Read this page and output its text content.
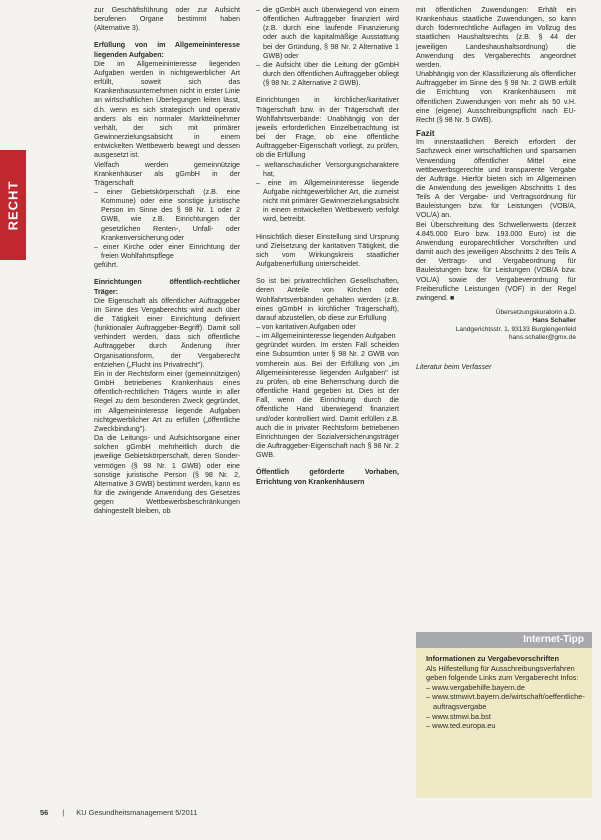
RECHT

zur Geschäftsführung oder zur Aufsicht berufenen Organe bestimmt haben (Alternative 3).

Erfüllung von im Allgemeininteresse liegenden Aufgaben:

Die im Allgemeininteresse liegenden Aufgaben werden in nichtgewerblicher Art erfüllt, soweit sich das Krankenhausunternehmen nicht in erster Linie an wirtschaftlichen Überlegungen leiten lässt, d.h. wenn es sich strategisch und operativ anders als ein normaler Marktteilnehmer verhält, der sich mit primärer Gewinnerzielungsabsicht in einem entwickelten Wettbewerb bewegt und dessen ausgesetzt ist.

Vielfach werden gemeinnützige Krankenhäuser als gGmbH in der Trägerschaft

– einer Gebietskörperschaft (z.B. eine Kommune) oder eine sonstige juristische Person im Sinne des § 98 Nr. 1 oder 2 GWB, wie z.B. Einrichtungen der gesetzlichen Renten-, Unfall- oder Krankenversicherung oder
– einer Kirche oder einer Einrichtung der freien Wohlfahrtspflege

geführt.

Einrichtungen öffentlich-rechtlicher Träger:

Die Eigenschaft als öffentlicher Auftraggeber im Sinne des Vergaberechts wird auch über die Tätigkeit einer Einrichtung definiert (funktionaler Auftraggeber-Begriff). Damit soll verhindert werden, dass sich öffentliche Auftraggeber durch Änderung ihrer Organisationsform, der Vergaberecht entziehen („Flucht ins Privatrecht").

Ein in der Rechtsform einer (gemeinnützigen) GmbH betriebenes Krankenhaus eines öffentlich-rechtlichen Trägers wurde in aller Regel zu dem besonderen Zweck gegründet, im Allgemeininteresse liegende Aufgaben nichtgewerblicher Art zu erfüllen („öffentliche Zweckbindung").

Da die Leitungs- und Aufsichtsorgane einer solchen gGmbH mehrheitlich durch die jeweilige Gebietskörperschaft, deren Sondervermögen (§ 98 Nr. 1 GWB) oder eine sonstige juristische Person (§ 98 Nr. 2, Alternative 3 GWB) bestimmt werden, kann es für die zwingende Anwendung des Gesetzes gegen Wettbewerbsbeschränkungen dahingestellt bleiben, ob

– die gGmbH auch überwiegend von einem öffentlichen Auftraggeber finanziert wird (z.B. durch eine laufende Finanzierung oder auch die kapitalmäßige Ausstattung bei der Gründung, § 98 Nr. 2 Alternative 1 GWB) oder
– die Aufsicht über die Leitung der gGmbH durch den öffentlichen Auftraggeber obliegt (§ 98 Nr. 2 Alternative 2 GWB).

Einrichtungen in kirchlicher/karitativer Trägerschaft bzw. in der Trägerschaft der Wohlfahrtsverbände: Unabhängig von der jeweils erforderlichen Einzelbetrachtung ist bei der Frage, ob eine öffentliche Auftraggeber-Eigenschaft vorliegt, zu prüfen, ob die Erfüllung

– weltanschaulicher Versorgungscharaktere hat,
– eine im Allgemeininteresse liegende Aufgabe nichtgewerblicher Art, die zumeist nicht mit primärer Gewinnerzielungsabsicht in einem entwickelten Wettbewerb verfolgt wird, betreibt.

Hinsichtlich dieser Einstellung sind Ursprung und Zielsetzung der karitativen Tätigkeit, die sich vom Wirkungskreis staatlicher Aufgabenerfüllung unterscheidet.

So ist bei privatrechtlichen Gesellschaften, deren Anteile von Kirchen oder Wohlfahrtsverbänden gehalten werden (z.B. eines gGmbH in kirchlicher Trägerschaft), darauf abzustellen, ob diese zur Erfüllung

– von karitativen Aufgaben oder
– im Allgemeininteresse liegenden Aufgaben

gegründet wurden. Im ersten Fall scheiden eine Subsumtion unter § 98 Nr. 2 GWB von vornherein aus. Bei der Erfüllung von „im Allgemeininteresse liegenden Aufgaben" ist zu prüfen, ob eine Beherrschung durch die öffentliche Hand gegeben ist. Dies ist der Fall, wenn die Einrichtung durch die öffentliche Hand überwiegend finanziert und/oder kontrolliert wird. Damit erfüllen z.B. auch die in privater Rechtsform betriebenen Einrichtungen der Sozialversicherungsträger die Auftraggeber-Eigenschaft nach § 98 Nr. 2 GWB.

Öffentlich geförderte Vorhaben, Errichtung von Krankenhäusern

mit öffentlichen Zuwendungen: Erhält ein Krankenhaus staatliche Zuwendungen, so kann durch födernrechtliche Auflagen im Vollzug des staatlichen Haushaltsrechts (z.B. § 44 der jeweiligen Landeshaushaltsordnung) die Anwendung des Vergaberechts angeordnet werden.

Unabhängig von der Klassifizierung als öffentlicher Auftraggeber im Sinne des § 98 Nr. 2 GWB erfüllt die Errichtung von Krankenhäusern mit öffentlichen Zuwendungen von mehr als 50 v.H. eine (eigene) Ausschreibungspflicht nach EU-Recht (§ 98 Nr. 5 GWB).

Fazit

Im innerstaatlichen Bereich erfordert der Sachzweck einer wirtschaftlichen und sparsamen Verwendung öffentlicher Mittel eine wettbewerbsgerechte und transparente Vergabe der Aufträge. Hierfür bieten sich im Allgemeinen die Anwendung des jeweiligen Abschnitts 1 des Teils A der Vergabe- und Vertragsordnung für Bauleistungen bzw. für Leistungen (VOB/A, VOL/A) an.

Bei Überschreitung des Schwellenwerts (derzeit 4.845.000 Euro bzw. 193.000 Euro) ist die Anwendung europarechtlicher Vorschriften und damit auch des jeweiligen Abschnitts 2 des Teils A der Vertrags- und Vergabeordnung für Bauleistungen bzw. für Leistungen (VOB/A bzw. VOL/A) sowie der Vergabeverordnung für Freiberufliche Leistungen (VOF) in der Regel zwingend. ■

Übersetzungskuratorin a.D.
Hans Schaller
Landgerichtsstr. 1, 93133 Burglengenfeld
hans.schaller@gmx.de

Literatur beim Verfasser

Internet-Tipp
Informationen zu Vergabevorschriften
Als Hilfestellung für Ausschreibungsverfahren geben folgende Links zum Vergaberecht Infos:
– www.vergabehilfe.bayern.de
– www.stmwivt.bayern.de/wirtschaft/oeffentliche-auftragsvergabe
– www.stmwi.ba.bst
– www.ted.europa.eu
56 | KU Gesundheitsmanagement 5/2011
